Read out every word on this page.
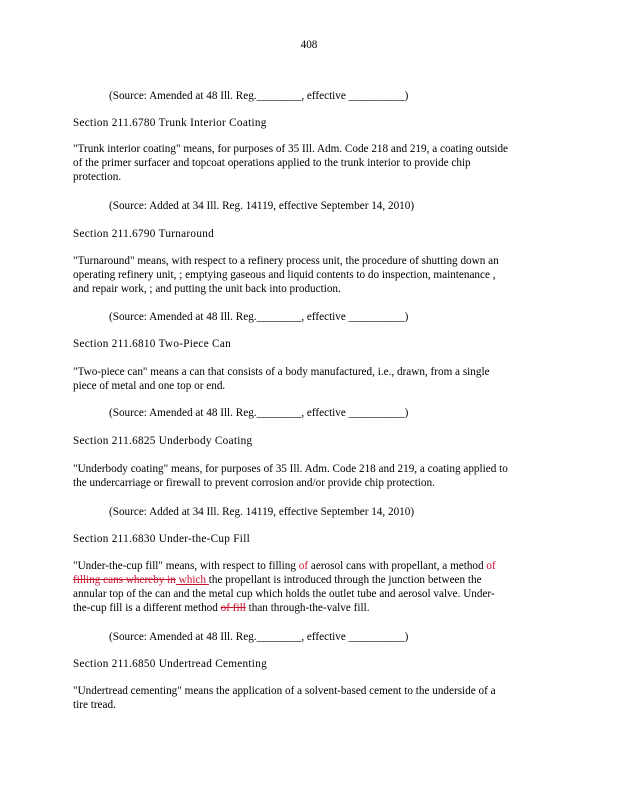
408
(Source: Amended at 48 Ill. Reg.________, effective __________)
Section 211.6780 Trunk Interior Coating
"Trunk interior coating" means, for purposes of 35 Ill. Adm. Code 218 and 219, a coating outside
of the primer surfacer and topcoat operations applied to the trunk interior to provide chip
protection.
(Source: Added at 34 Ill. Reg. 14119, effective September 14, 2010)
Section 211.6790 Turnaround
"Turnaround" means, with respect to a refinery process unit, the procedure of shutting down an
operating refinery unit, ; emptying gaseous and liquid contents to do inspection, maintenance ,
and repair work, ; and putting the unit back into production.
(Source: Amended at 48 Ill. Reg.________, effective __________)
Section 211.6810 Two-Piece Can
"Two-piece can" means a can that consists of a body manufactured, i.e., drawn, from a single
piece of metal and one top or end.
(Source: Amended at 48 Ill. Reg.________, effective __________)
Section 211.6825 Underbody Coating
"Underbody coating" means, for purposes of 35 Ill. Adm. Code 218 and 219, a coating applied to
the undercarriage or firewall to prevent corrosion and/or provide chip protection.
(Source: Added at 34 Ill. Reg. 14119, effective September 14, 2010)
Section 211.6830 Under-the-Cup Fill
"Under-the-cup fill" means, with respect to filling of aerosol cans with propellant, a method of
filling cans whereby in which the propellant is introduced through the junction between the
annular top of the can and the metal cup which holds the outlet tube and aerosol valve. Under-
the-cup fill is a different method of fill than through-the-valve fill.
(Source: Amended at 48 Ill. Reg.________, effective __________)
Section 211.6850 Undertread Cementing
"Undertread cementing" means the application of a solvent-based cement to the underside of a
tire tread.
